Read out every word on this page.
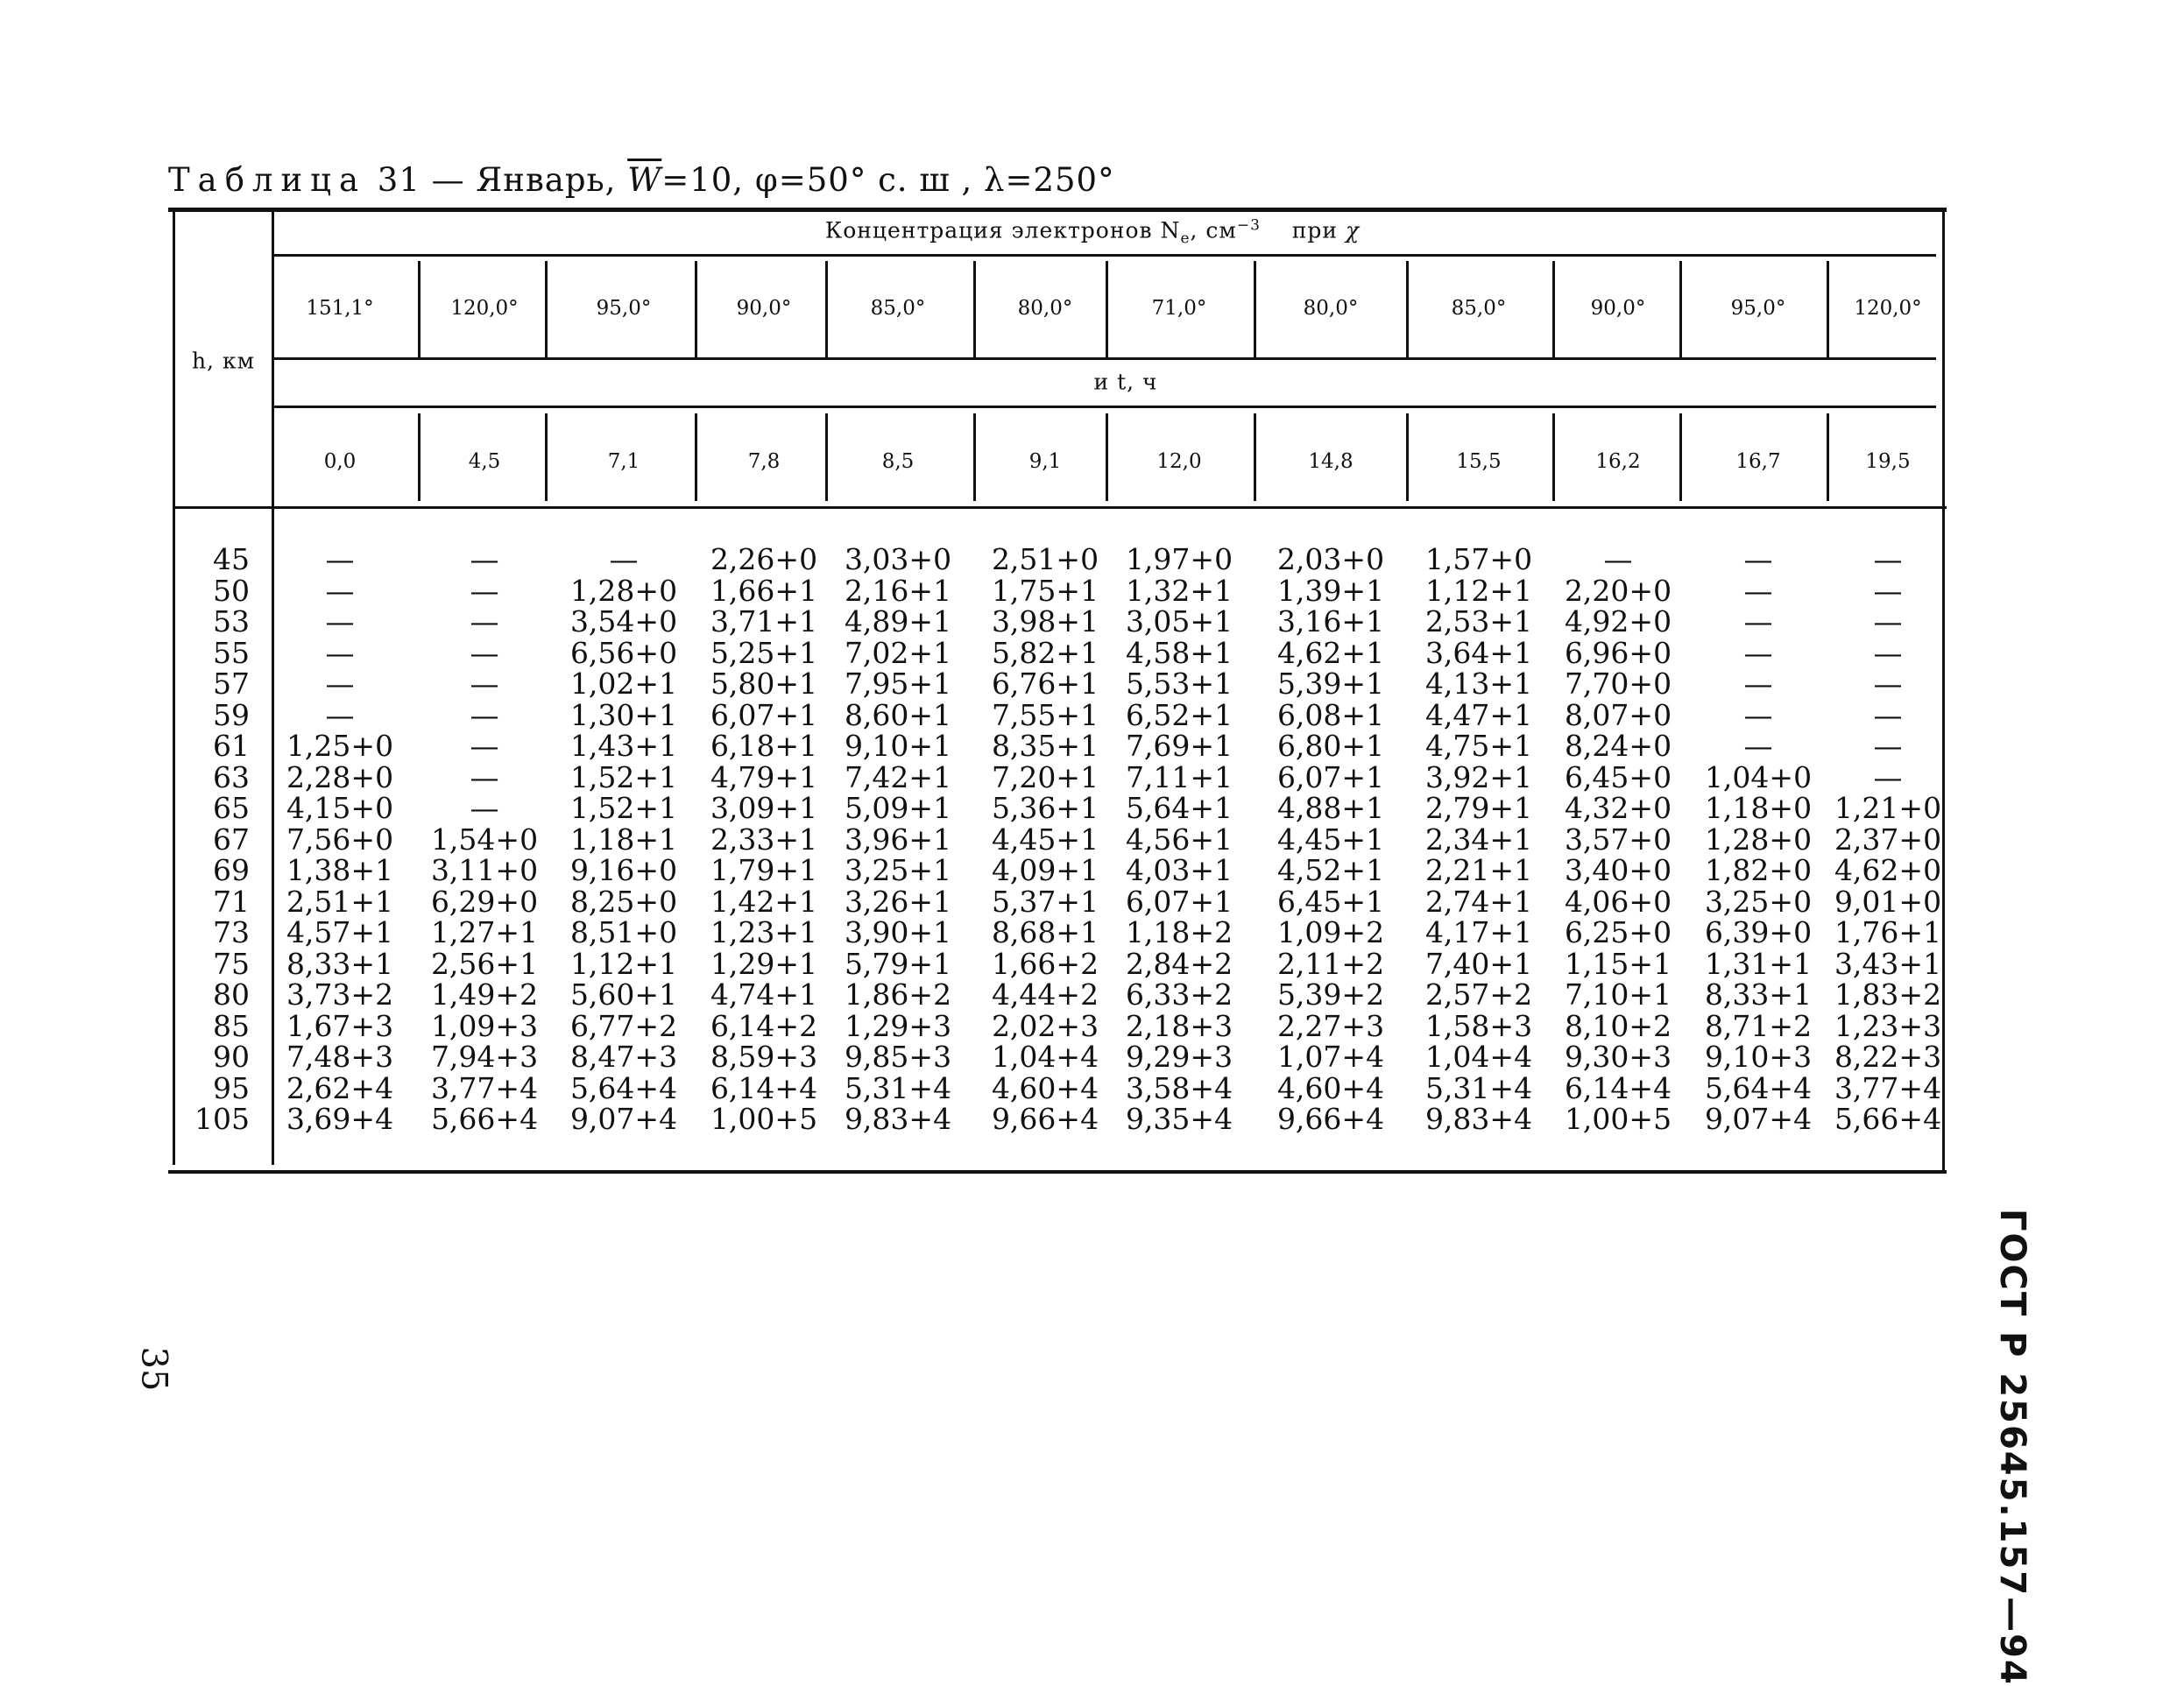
Таблица 31 — Январь, $\overline{W}=10$, φ=50° с. ш , λ=250°
Концентрация электронов $N_e$, $см^{-3}$ при χ
h, км
и t, ч
151,1°	120,0°	95,0°	90,0°	85,0°	80,0°	71,0°	80,0°	85,0°	90,0°	95,0°	120,0°
0,0	4,5	7,1	7,8	8,5	9,1	12,0	14,8	15,5	16,2	16,7	19,5
45	—	—	— 2,26+0 3,03+0 2,51+0 1,97+0 2,03+0 1,57+0 —	—	—
50	—	— 1,28+0 1,66+1 2,16+1 1,75+1 1,32+1 1,39+1 1,12+1 2,20+0 —	—
53	—	— 3,54+0 3,71+1 4,89+1 3,98+1 3,05+1 3,16+1 2,53+1 4,92+0 —	—
55	—	— 6,56+0 5,25+1 7,02+1 5,82+1 4,58+1 4,62+1 3,64+1 6,96+0 —	—
57	—	— 1,02+1 5,80+1 7,95+1 6,76+1 5,53+1 5,39+1 4,13+1 7,70+0 —	—
59	—	— 1,30+1 6,07+1 8,60+1 7,55+1 6,52+1 6,08+1 4,47+1 8,07+0 —	—
61 1,25+0	— 1,43+1 6,18+1 9,10+1 8,35+1 7,69+1 6,80+1 4,75+1 8,24+0 —	—
63 2,28+0	— 1,52+1 4,79+1 7,42+1 7,20+1 7,11+1 6,07+1 3,92+1 6,45+0 1,04+0 —
65 4,15+0	— 1,52+1 3,09+1 5,09+1 5,36+1 5,64+1 4,88+1 2,79+1 4,32+0 1,18+0 1,21+0
67 7,56+0 1,54+0 1,18+1 2,33+1 3,96+1 4,45+1 4,56+1 4,45+1 2,34+1 3,57+0 1,28+0 2,37+0
69 1,38+1 3,11+0 9,16+0 1,79+1 3,25+1 4,09+1 4,03+1 4,52+1 2,21+1 3,40+0 1,82+0 4,62+0
71 2,51+1 6,29+0 8,25+0 1,42+1 3,26+1 5,37+1 6,07+1 6,45+1 2,74+1 4,06+0 3,25+0 9,01+0
73 4,57+1 1,27+1 8,51+0 1,23+1 3,90+1 8,68+1 1,18+2 1,09+2 4,17+1 6,25+0 6,39+0 1,76+1
75 8,33+1 2,56+1 1,12+1 1,29+1 5,79+1 1,66+2 2,84+2 2,11+2 7,40+1 1,15+1 1,31+1 3,43+1
80 3,73+2 1,49+2 5,60+1 4,74+1 1,86+2 4,44+2 6,33+2 5,39+2 2,57+2 7,10+1 8,33+1 1,83+2
85 1,67+3 1,09+3 6,77+2 6,14+2 1,29+3 2,02+3 2,18+3 2,27+3 1,58+3 8,10+2 8,71+2 1,23+3
90 7,48+3 7,94+3 8,47+3 8,59+3 9,85+3 1,04+4 9,29+3 1,07+4 1,04+4 9,30+3 9,10+3 8,22+3
95 2,62+4 3,77+4 5,64+4 6,14+4 5,31+4 4,60+4 3,58+4 4,60+4 5,31+4 6,14+4 5,64+4 3,77+4
105 3,69+4 5,66+4 9,07+4 1,00+5 9,83+4 9,66+4 9,35+4 9,66+4 9,83+4 1,00+5 9,07+4 5,66+4
ГОСТ Р 25645.157—94
35
